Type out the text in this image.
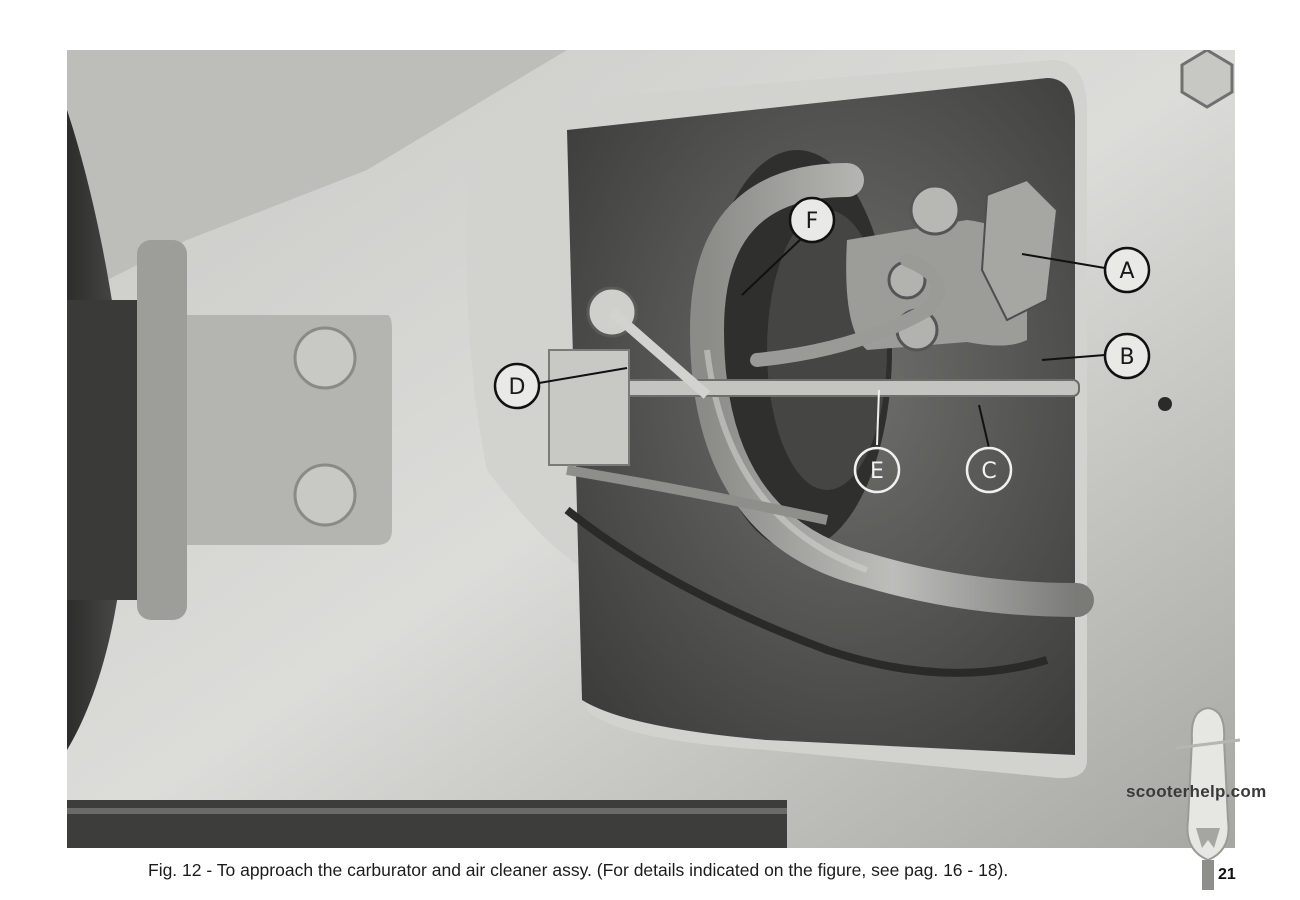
A
B
C
D
E
F
scooterhelp.com
Fig. 12 - To approach the carburator and air cleaner assy. (For details indicated on the figure, see pag. 16 - 18).	21
